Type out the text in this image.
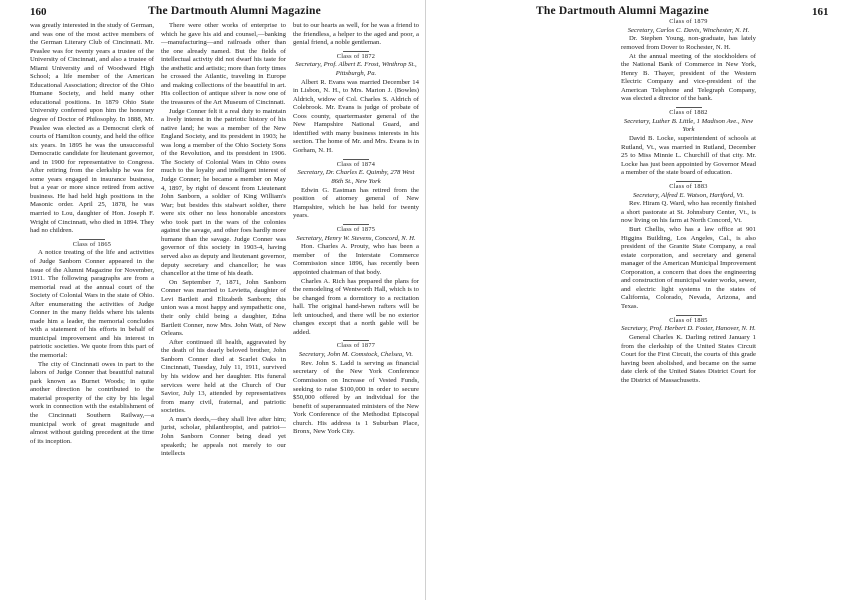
160	The Dartmouth Alumni Magazine

was greatly interested in the study of German, and was one of the most active members of the German Literary Club of Cincinnati. Mr. Peaslee was for twenty years a trustee of the University of Cincinnati, and also a trustee of Miami University and of Woodward High School; a life member of the American Educational Association; director of the Ohio Humane Society, and held many other educational positions. In 1879 Ohio State University conferred upon him the honorary degree of Doctor of Philosophy. In 1888, Mr. Peaslee was elected as a Democrat clerk of courts of Hamilton county, and held the office six years. In 1895 he was the unsuccessful Democratic candidate for lieutenant governor, and in 1900 for representative to Congress. After retiring from the clerkship he was for some years engaged in insurance business, but a year or more since retired from active business. He had held high positions in the Masonic order. April 25, 1878, he was married to Lou, daughter of Hon. Joseph F. Wright of Cincinnati, who died in 1894. They had no children.

Class of 1865

A notice treating of the life and activities of Judge Sanborn Conner appeared in the issue of the Alumni Magazine for November, 1911. The following paragraphs are from a memorial read at the annual court of the Society of Colonial Wars in the state of Ohio. After enumerating the activities of Judge Conner in the many fields where his talents made him a leader, the memorial concludes with a statement of his efforts in behalf of municipal improvement and his interest in patriotic societies. We quote from this part of the memorial:

The city of Cincinnati owes in part to the labors of Judge Conner that beautiful natural park known as Burnet Woods; in quite another direction he contributed to the material prosperity of the city by his legal work in connection with the establishment of the Cincinnati Southern Railway,—a municipal work of great magnitude and almost without guiding precedent at the time of its inception.

There were other works of enterprise to which he gave his aid and counsel,—banking—manufacturing—and railroads other than the one already named. But the fields of intellectual activity did not dwarf his taste for the æsthetic and artistic; more than forty times he crossed the Atlantic, traveling in Europe and making collections of the beautiful in art. His collection of antique silver is now one of the treasures of the Art Museum of Cincinnati.

Judge Conner felt it a real duty to maintain a lively interest in the patriotic history of his native land; he was a member of the New England Society, and its president in 1903; he was long a member of the Ohio Society Sons of the Revolution, and its president in 1906. The Society of Colonial Wars in Ohio owes much to the loyalty and intelligent interest of Judge Conner; he became a member on May 4, 1897, by right of descent from Lieutenant John Sanborn, a soldier of King William's War; but besides this stalwart soldier, there were six other no less honorable ancestors who took part in the wars of the colonies against the savage, and other foes hardly more humane than the savage. Judge Conner was governor of this society in 1903-4, having served also as deputy and lieutenant governor, deputy secretary and chancellor; he was chancellor at the time of his death.

On September 7, 1871, John Sanborn Conner was married to Levietta, daughter of Levi Bartlett and Elizabeth Sanborn; this union was a most happy and sympathetic one, their only child being a daughter, Edna Bartlett Conner, now Mrs. John Watt, of New Orleans.

After continued ill health, aggravated by the death of his dearly beloved brother, John Sanborn Conner died at Scarlet Oaks in Cincinnati, Tuesday, July 11, 1911, survived by his widow and her daughter. His funeral services were held at the Church of Our Savior, July 13, attended by representatives from many civil, fraternal, and patriotic societies.

A man's deeds,—they shall live after him; jurist, scholar, philanthropist, and patriot—John Sanborn Conner being dead yet speaketh; he appeals not merely to our intellects

but to our hearts as well, for he was a friend to the friendless, a helper to the aged and poor, a genial friend, a noble gentleman.

Class of 1872

Secretary, Prof. Albert E. Frost, Winthrop St., Pittsburgh, Pa.

Albert R. Evans was married December 14 in Lisbon, N. H., to Mrs. Marion J. (Bowles) Aldrich, widow of Col. Charles S. Aldrich of Colebrook. Mr. Evans is judge of probate of Coos county, quartermaster general of the New Hampshire National Guard, and identified with many business interests in his section. The home of Mr. and Mrs. Evans is in Gorham, N. H.

Class of 1874

Secretary, Dr. Charles E. Quimby, 278 West 86th St., New York

Edwin G. Eastman has retired from the position of attorney general of New Hampshire, which he has held for twenty years.

Class of 1875

Secretary, Henry W. Stevens, Concord, N. H.

Hon. Charles A. Prouty, who has been a member of the Interstate Commerce Commission since 1896, has recently been appointed chairman of that body.

Charles A. Rich has prepared the plans for the remodeling of Wentworth Hall, which is to be changed from a dormitory to a recitation hall. The original hand-hewn rafters will be left untouched, and there will be no exterior changes except that a north gable will be added.

Class of 1877

Secretary, John M. Comstock, Chelsea, Vt.

Rev. John S. Ladd is serving as financial secretary of the New York Conference Commission on Increase of Vested Funds, seeking to raise $100,000 in order to secure $50,000 offered by an individual for the benefit of superannuated ministers of the New York Conference of the Methodist Episcopal church. His address is 1 Suburban Place, Bronx, New York City.

The Dartmouth Alumni Magazine	161

Class of 1879

Secretary, Carlos C. Davis, Winchester, N. H.

Dr. Stephen Young, non-graduate, has lately removed from Dover to Rochester, N. H.

At the annual meeting of the stockholders of the National Bank of Commerce in New York, Henry B. Thayer, president of the Western Electric Company and vice-president of the American Telephone and Telegraph Company, was elected a director of the bank.

Class of 1882

Secretary, Luther B. Little, 1 Madison Ave., New York

David B. Locke, superintendent of schools at Rutland, Vt., was married in Rutland, December 25 to Miss Minnie L. Churchill of that city. Mr. Locke has just been appointed by Governor Mead a member of the state board of education.

Class of 1883

Secretary, Alfred E. Watson, Hartford, Vt.

Rev. Hiram Q. Ward, who has recently finished a short pastorate at St. Johnsbury Center, Vt., is now living on his farm at North Concord, Vt.

Burt Chellis, who has a law office at 901 Higgins Building, Los Angeles, Cal., is also president of the Granite State Company, a real estate corporation, and secretary and general manager of the American Municipal Improvement Corporation, a concern that does the engineering and construction of municipal water works, sewer, and electric light systems in the states of California, Colorado, Nevada, Arizona, and Texas.

Class of 1885

Secretary, Prof. Herbert D. Foster, Hanover, N. H.

General Charles K. Darling retired January 1 from the clerkship of the United States Circuit Court for the First Circuit, the courts of this grade having been abolished, and became on the same date clerk of the United States District Court for the District of Massachusetts.
